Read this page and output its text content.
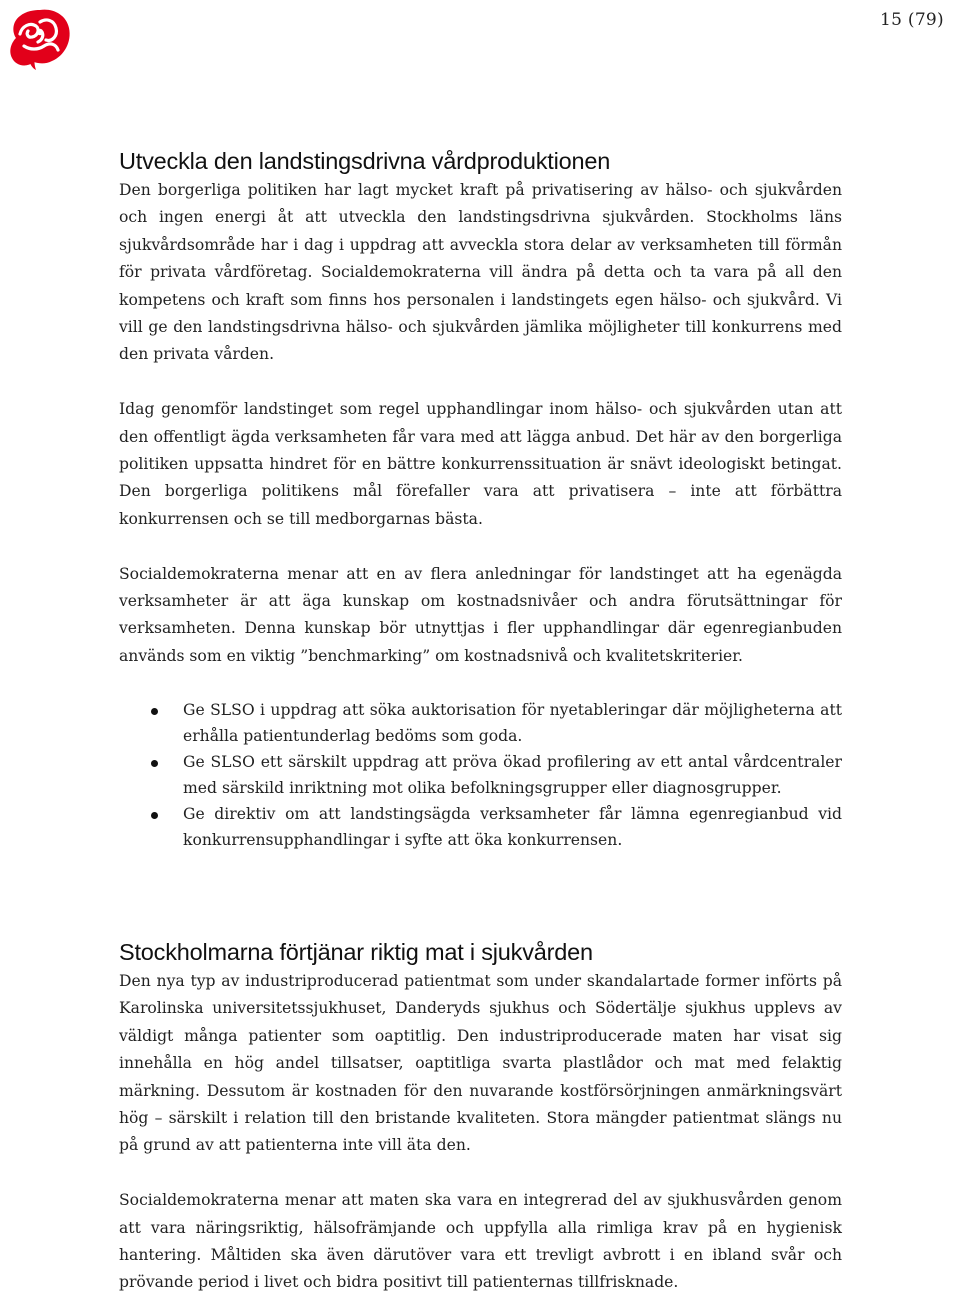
15 (79)
Utveckla den landstingsdrivna vårdproduktionen

Den borgerliga politiken har lagt mycket kraft på privatisering av hälso- och sjukvården och ingen energi åt att utveckla den landstingsdrivna sjukvården. Stockholms läns sjukvårdsområde har i dag i uppdrag att avveckla stora delar av verksamheten till förmån för privata vårdföretag. Socialdemokraterna vill ändra på detta och ta vara på all den kompetens och kraft som finns hos personalen i landstingets egen hälso- och sjukvård. Vi vill ge den landstingsdrivna hälso- och sjukvården jämlika möjligheter till konkurrens med den privata vården.

Idag genomför landstinget som regel upphandlingar inom hälso- och sjukvården utan att den offentligt ägda verksamheten får vara med att lägga anbud. Det här av den borgerliga politiken uppsatta hindret för en bättre konkurrenssituation är snävt ideologiskt betingat. Den borgerliga politikens mål förefaller vara att privatisera – inte att förbättra konkurrensen och se till medborgarnas bästa.

Socialdemokraterna menar att en av flera anledningar för landstinget att ha egenägda verksamheter är att äga kunskap om kostnadsnivåer och andra förutsättningar för verksamheten. Denna kunskap bör utnyttjas i fler upphandlingar där egenregianbuden används som en viktig ”benchmarking” om kostnadsnivå och kvalitetskriterier.

Ge SLSO i uppdrag att söka auktorisation för nyetableringar där möjligheterna att erhålla patientunderlag bedöms som goda.
Ge SLSO ett särskilt uppdrag att pröva ökad profilering av ett antal vårdcentraler med särskild inriktning mot olika befolkningsgrupper eller diagnosgrupper.
Ge direktiv om att landstingsägda verksamheter får lämna egenregianbud vid konkurrensupphandlingar i syfte att öka konkurrensen.
Stockholmarna förtjänar riktig mat i sjukvården

Den nya typ av industriproducerad patientmat som under skandalartade former införts på Karolinska universitetssjukhuset, Danderyds sjukhus och Södertälje sjukhus upplevs av väldigt många patienter som oaptitlig. Den industriproducerade maten har visat sig innehålla en hög andel tillsatser, oaptitliga svarta plastlådor och mat med felaktig märkning. Dessutom är kostnaden för den nuvarande kostförsörjningen anmärkningsvärt hög – särskilt i relation till den bristande kvaliteten. Stora mängder patientmat slängs nu på grund av att patienterna inte vill äta den.

Socialdemokraterna menar att maten ska vara en integrerad del av sjukhusvården genom att vara näringsriktig, hälsofrämjande och uppfylla alla rimliga krav på en hygienisk hantering. Måltiden ska även därutöver vara ett trevligt avbrott i en ibland svår och prövande period i livet och bidra positivt till patienternas tillfrisknade.
